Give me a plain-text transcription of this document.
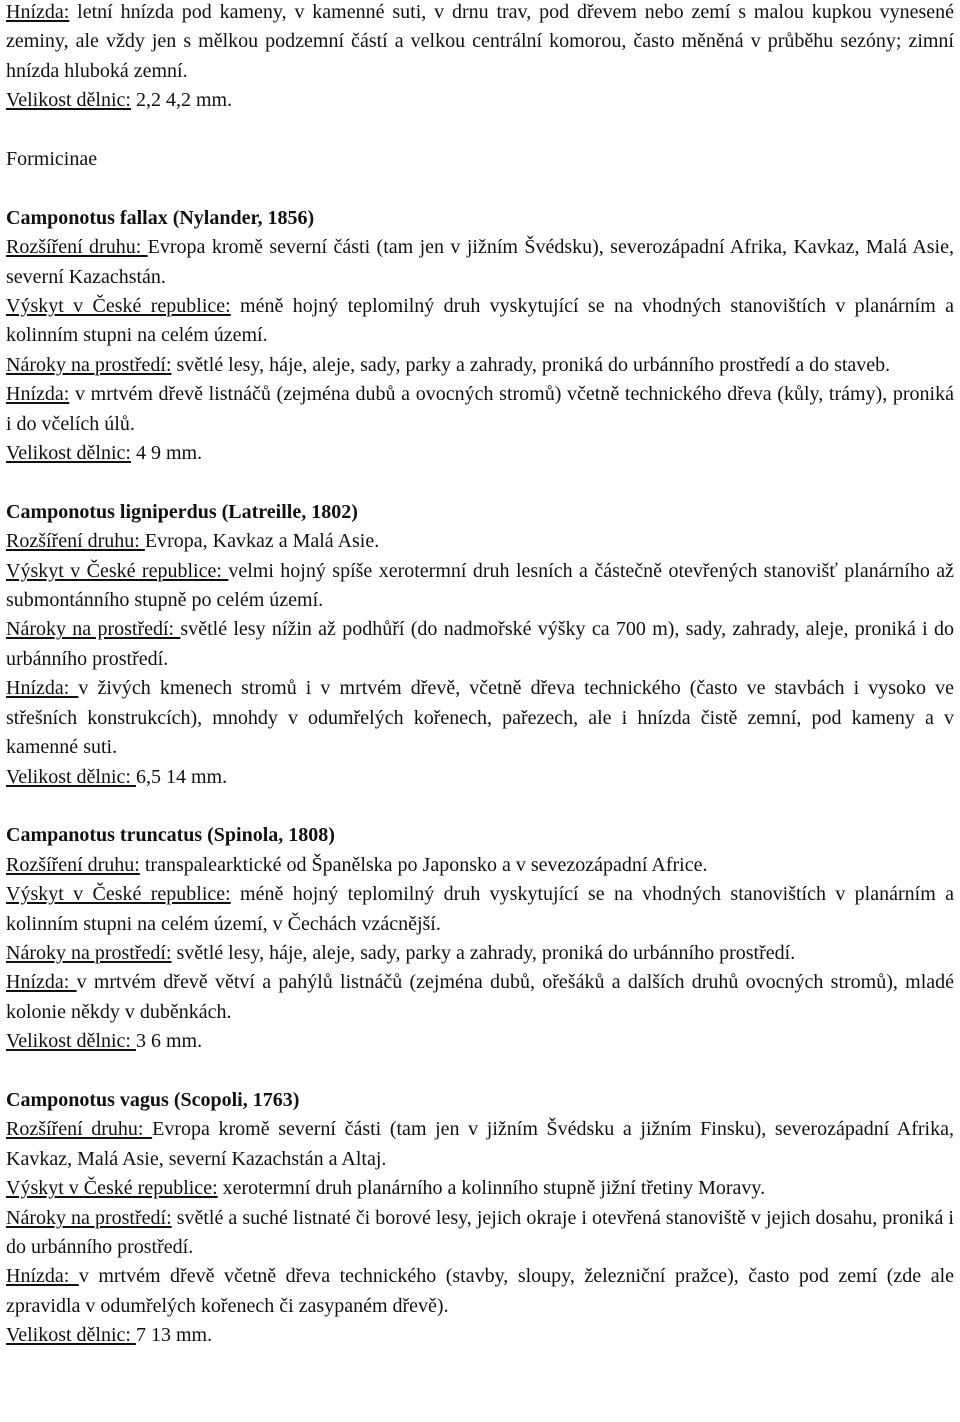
Hnízda: letní hnízda pod kameny, v kamenné suti, v drnu trav, pod dřevem nebo zemí s malou kupkou vynesené zeminy, ale vždy jen s mělkou podzemní částí a velkou centrální komorou, často měněná v průběhu sezóny; zimní hnízda hluboká zemní.

Velikost dělnic: 2,2 4,2 mm.

Formicinae

Camponotus fallax (Nylander, 1856)

Rozšíření druhu: Evropa kromě severní části (tam jen v jižním Švédsku), severozápadní Afrika, Kavkaz, Malá Asie, severní Kazachstán.

Výskyt v České republice: méně hojný teplomilný druh vyskytující se na vhodných stanovištích v planárním a kolinním stupni na celém území.

Nároky na prostředí: světlé lesy, háje, aleje, sady, parky a zahrady, proniká do urbánního prostředí a do staveb.

Hnízda: v mrtvém dřevě listnáčů (zejména dubů a ovocných stromů) včetně technického dřeva (kůly, trámy), proniká i do včelích úlů.

Velikost dělnic: 4 9 mm.

Camponotus ligniperdus (Latreille, 1802)

Rozšíření druhu: Evropa, Kavkaz a Malá Asie.

Výskyt v České republice: velmi hojný spíše xerotermní druh lesních a částečně otevřených stanovišť planárního až submontánního stupně po celém území.

Nároky na prostředí: světlé lesy nížin až podhůří (do nadmořské výšky ca 700 m), sady, zahrady, aleje, proniká i do urbánního prostředí.

Hnízda: v živých kmenech stromů i v mrtvém dřevě, včetně dřeva technického (často ve stavbách i vysoko ve střešních konstrukcích), mnohdy v odumřelých kořenech, pařezech, ale i hnízda čistě zemní, pod kameny a v kamenné suti.

Velikost dělnic: 6,5 14 mm.

Campanotus truncatus (Spinola, 1808)

Rozšíření druhu: transpalearktické od Španělska po Japonsko a v sevezozápadní Africe.

Výskyt v České republice: méně hojný teplomilný druh vyskytující se na vhodných stanovištích v planárním a kolinním stupni na celém území, v Čechách vzácnější.

Nároky na prostředí: světlé lesy, háje, aleje, sady, parky a zahrady, proniká do urbánního prostředí.

Hnízda: v mrtvém dřevě větví a pahýlů listnáčů (zejména dubů, ořešáků a dalších druhů ovocných stromů), mladé kolonie někdy v duběnkách.

Velikost dělnic: 3 6 mm.

Camponotus vagus (Scopoli, 1763)

Rozšíření druhu: Evropa kromě severní části (tam jen v jižním Švédsku a jižním Finsku), severozápadní Afrika, Kavkaz, Malá Asie, severní Kazachstán a Altaj.

Výskyt v České republice: xerotermní druh planárního a kolinního stupně jižní třetiny Moravy.

Nároky na prostředí: světlé a suché listnaté či borové lesy, jejich okraje i otevřená stanoviště v jejich dosahu, proniká i do urbánního prostředí.

Hnízda: v mrtvém dřevě včetně dřeva technického (stavby, sloupy, železniční pražce), často pod zemí (zde ale zpravidla v odumřelých kořenech či zasypaném dřevě).

Velikost dělnic: 7 13 mm.
